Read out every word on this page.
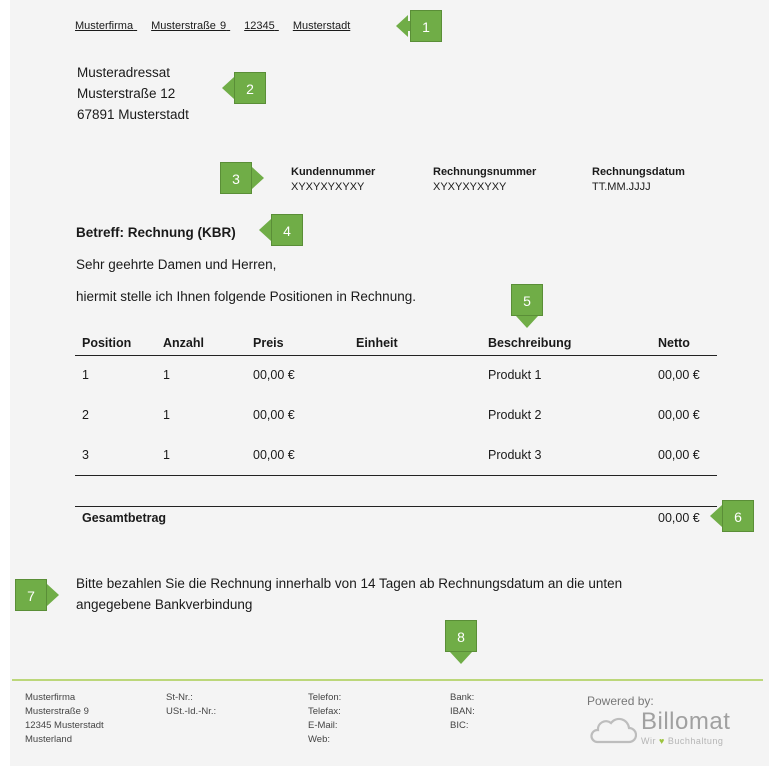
Musterfirma Musterstraße 9 12345 Musterstadt
Musteradressat
Musterstraße 12
67891 Musterstadt
Kundennummer
XYXYXYXYXY
Rechnungsnummer
XYXYXYXYXY
Rechnungsdatum
TT.MM.JJJJ
Betreff: Rechnung (KBR)
Sehr geehrte Damen und Herren,
hiermit stelle ich Ihnen folgende Positionen in Rechnung.
Position	Anzahl	Preis	Einheit	Beschreibung	Netto
1	1	00,00 €		Produkt 1	00,00 €
2	1	00,00 €		Produkt 2	00,00 €
3	1	00,00 €		Produkt 3	00,00 €
Gesamtbetrag	00,00 €
Bitte bezahlen Sie die Rechnung innerhalb von 14 Tagen ab Rechnungsdatum an die unten
angegebene Bankverbindung
Musterfirma
Musterstraße 9
12345 Musterstadt
Musterland
St-Nr.:
USt.-Id.-Nr.:
Telefon:
Telefax:
E-Mail:
Web:
Bank:
IBAN:
BIC:
Powered by:
Billomat
Wir ♥ Buchhaltung
1
2
3
4
5
6
7
8
